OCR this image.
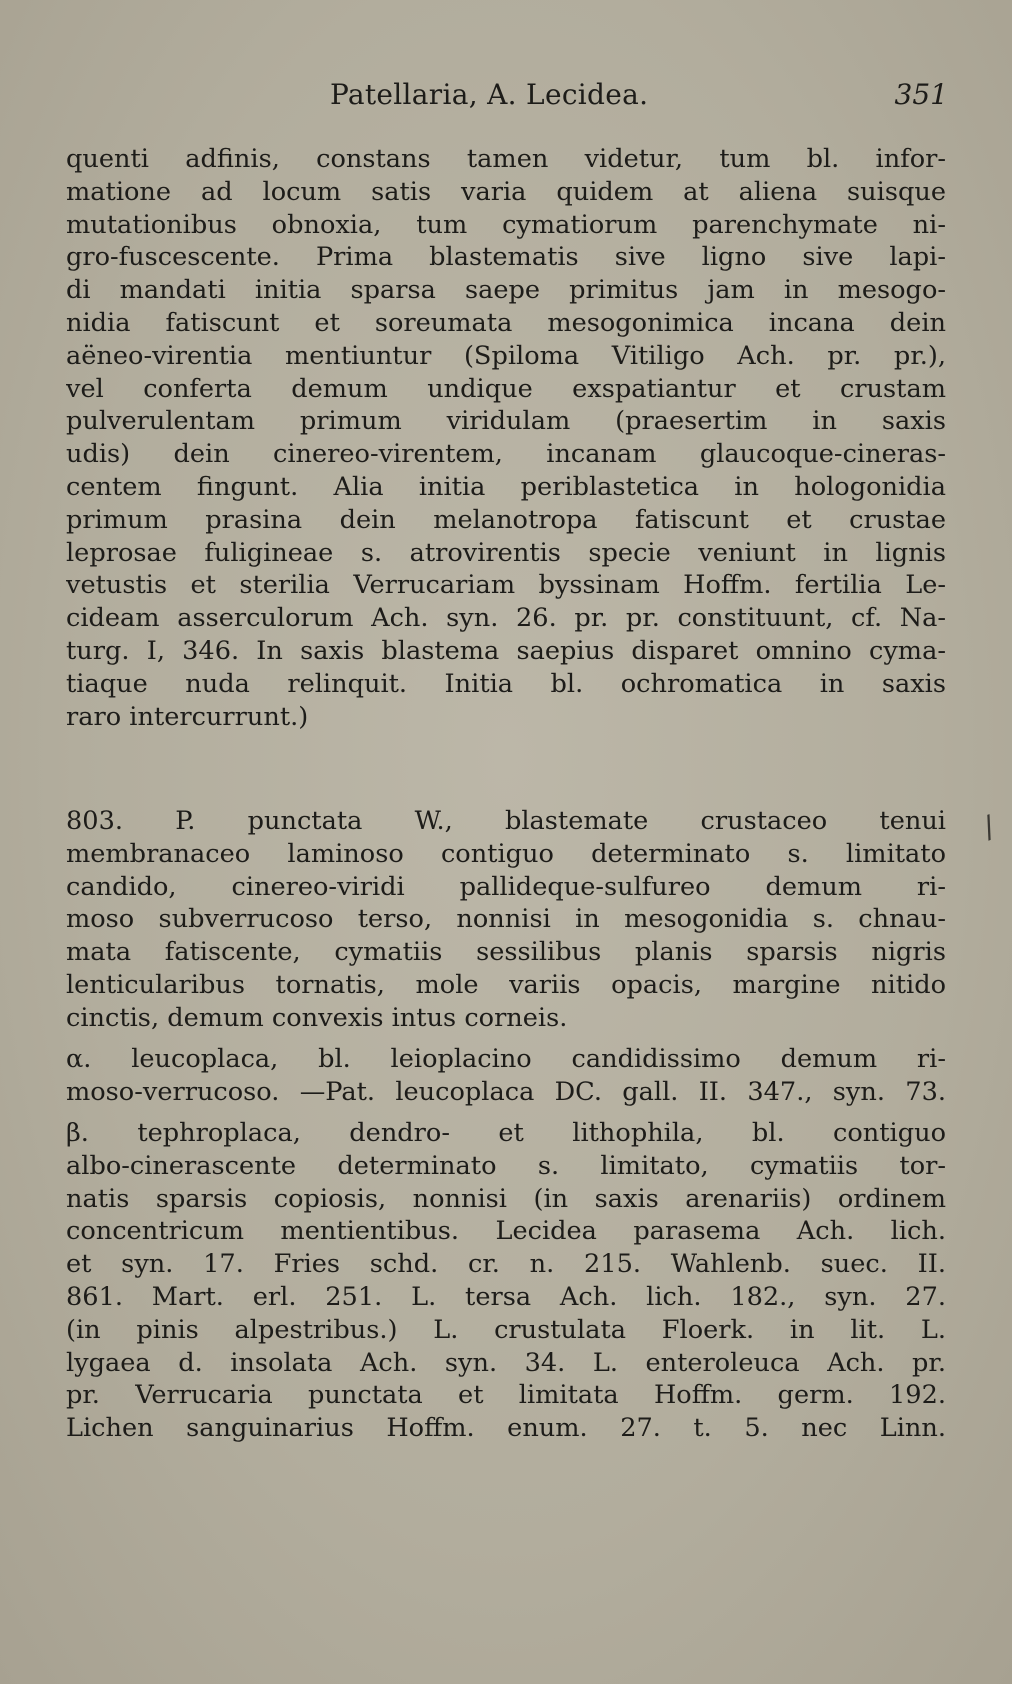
Patellaria, A. Lecidea.	351
quenti adfinis, constans tamen videtur, tum bl. infor-
matione ad locum satis varia quidem at aliena suisque
mutationibus obnoxia, tum cymatiorum parenchymate ni-
gro-fuscescente. Prima blastematis sive ligno sive lapi-
di mandati initia sparsa saepe primitus jam in mesogo-
nidia fatiscunt et soreumata mesogonimica incana dein
aëneo-virentia mentiuntur (Spiloma Vitiligo Ach. pr. pr.),
vel conferta demum undique exspatiantur et crustam
pulverulentam primum viridulam (praesertim in saxis
udis) dein cinereo-virentem, incanam glaucoque-cineras-
centem fingunt. Alia initia periblastetica in hologonidia
primum prasina dein melanotropa fatiscunt et crustae
leprosae fuligineae s. atrovirentis specie veniunt in lignis
vetustis et sterilia Verrucariam byssinam Hoffm. fertilia Le-
cideam asserculorum Ach. syn. 26. pr. pr. constituunt, cf. Na-
turg. I, 346. In saxis blastema saepius disparet omnino cyma-
tiaque nuda relinquit. Initia bl. ochromatica in saxis
raro intercurrunt.)
803. P. punctata W., blastemate crustaceo tenui
membranaceo laminoso contiguo determinato s. limitato
candido, cinereo-viridi pallideque-sulfureo demum ri-
moso subverrucoso terso, nonnisi in mesogonidia s. chnau-
mata fatiscente, cymatiis sessilibus planis sparsis nigris
lenticularibus tornatis, mole variis opacis, margine nitido
cinctis, demum convexis intus corneis.
α. leucoplaca, bl. leioplacino candidissimo demum ri-
moso-verrucoso. —Pat. leucoplaca DC. gall. II. 347., syn. 73.
β. tephroplaca, dendro- et lithophila, bl. contiguo
albo-cinerascente determinato s. limitato, cymatiis tor-
natis sparsis copiosis, nonnisi (in saxis arenariis) ordinem
concentricum mentientibus. Lecidea parasema Ach. lich.
et syn. 17. Fries schd. cr. n. 215. Wahlenb. suec. II.
861. Mart. erl. 251. L. tersa Ach. lich. 182., syn. 27.
(in pinis alpestribus.) L. crustulata Floerk. in lit. L.
lygaea d. insolata Ach. syn. 34. L. enteroleuca Ach. pr.
pr. Verrucaria punctata et limitata Hoffm. germ. 192.
Lichen sanguinarius Hoffm. enum. 27. t. 5. nec Linn.
/
